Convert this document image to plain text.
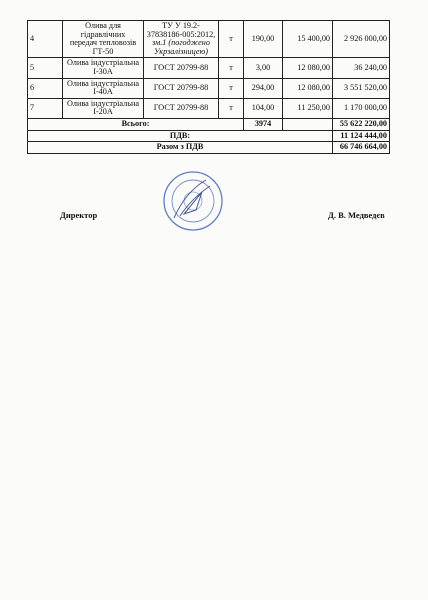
4	Олива для
гідравлічних
передач тепловозів
ГТ-50	ТУ У 19.2-
37838186-005:2012,
зм.1 (погоджено
Укрзалізницею)	т	190,00	15 400,00	2 926 000,00
5	Олива індустріальна
І-30А	ГОСТ 20799-88	т	3,00	12 080,00	36 240,00
6	Олива індустріальна
І-40А	ГОСТ 20799-88	т	294,00	12 080,00	3 551 520,00
7	Олива індустріальна
І-20А	ГОСТ 20799-88	т	104,00	11 250,00	1 170 000,00
Всього:				3974		55 622 220,00
ПДВ:						11 124 444,00
Разом з ПДВ						66 746 664,00
Директор	Д. В. Медведєв
